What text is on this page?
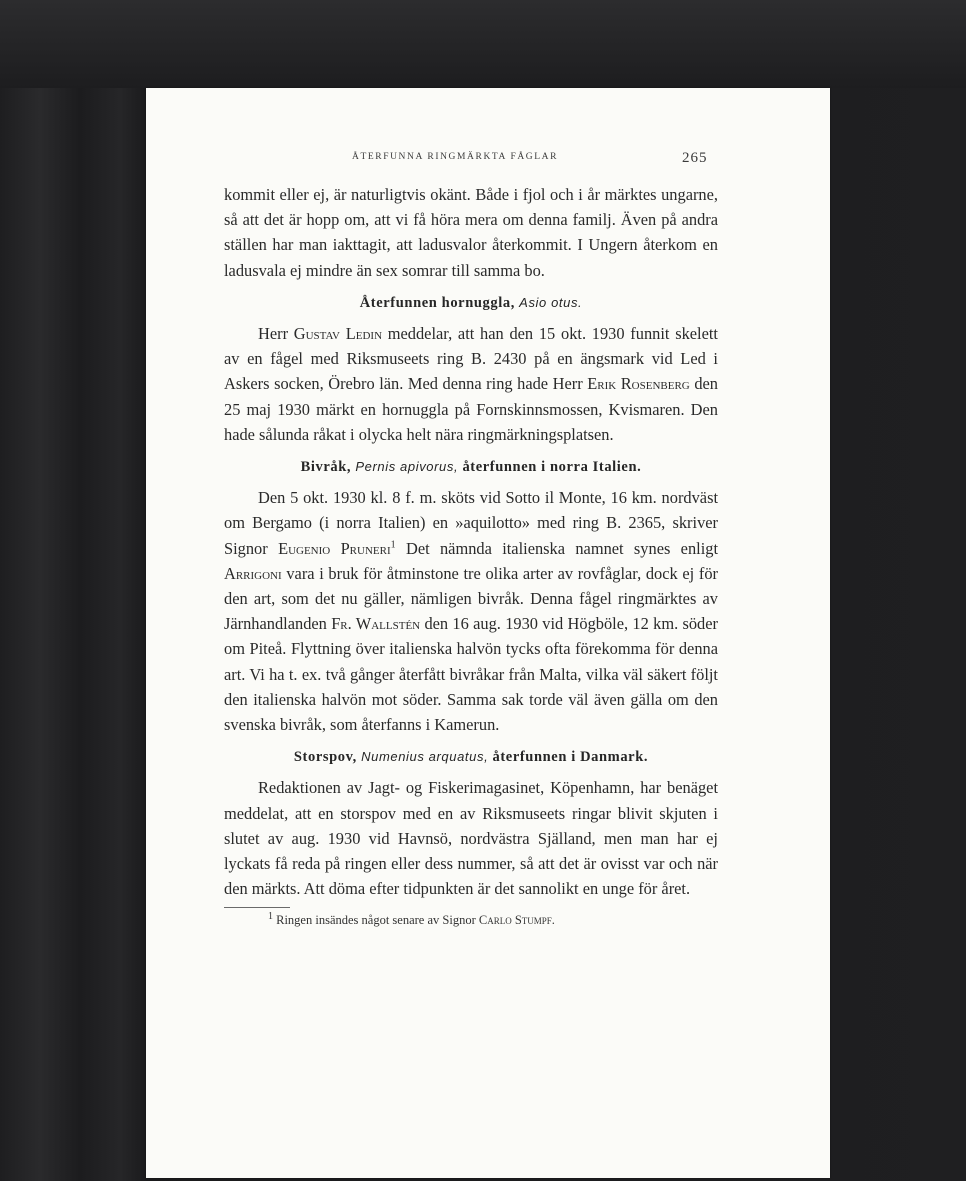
ÅTERFUNNA RINGMÄRKTA FÅGLAR	265

kommit eller ej, är naturligtvis okänt. Både i fjol och i år märktes ungarne, så att det är hopp om, att vi få höra mera om denna familj. Även på andra ställen har man iakttagit, att ladusvalor återkommit. I Ungern återkom en ladusvala ej mindre än sex somrar till samma bo.

Återfunnen hornuggla, Asio otus.

Herr Gustav Ledin meddelar, att han den 15 okt. 1930 funnit skelett av en fågel med Riksmuseets ring B. 2430 på en ängsmark vid Led i Askers socken, Örebro län. Med denna ring hade Herr Erik Rosenberg den 25 maj 1930 märkt en hornuggla på Fornskinnsmossen, Kvismaren. Den hade sålunda råkat i olycka helt nära ringmärkningsplatsen.

Bivråk, Pernis apivorus, återfunnen i norra Italien.

Den 5 okt. 1930 kl. 8 f. m. sköts vid Sotto il Monte, 16 km. nordväst om Bergamo (i norra Italien) en »aquilotto» med ring B. 2365, skriver Signor Eugenio Pruneri$^1$ Det nämnda italienska namnet synes enligt Arrigoni vara i bruk för åtminstone tre olika arter av rovfåglar, dock ej för den art, som det nu gäller, nämligen bivråk. Denna fågel ringmärktes av Järnhandlanden Fr. Wallstén den 16 aug. 1930 vid Högböle, 12 km. söder om Piteå. Flyttning över italienska halvön tycks ofta förekomma för denna art. Vi ha t. ex. två gånger återfått bivråkar från Malta, vilka väl säkert följt den italienska halvön mot söder. Samma sak torde väl även gälla om den svenska bivråk, som återfanns i Kamerun.

Storspov, Numenius arquatus, återfunnen i Danmark.

Redaktionen av Jagt- og Fiskerimagasinet, Köpenhamn, har benäget meddelat, att en storspov med en av Riksmuseets ringar blivit skjuten i slutet av aug. 1930 vid Havnsö, nordvästra Själland, men man har ej lyckats få reda på ringen eller dess nummer, så att det är ovisst var och när den märkts. Att döma efter tidpunkten är det sannolikt en unge för året.

$^1$ Ringen insändes något senare av Signor Carlo Stumpf.
